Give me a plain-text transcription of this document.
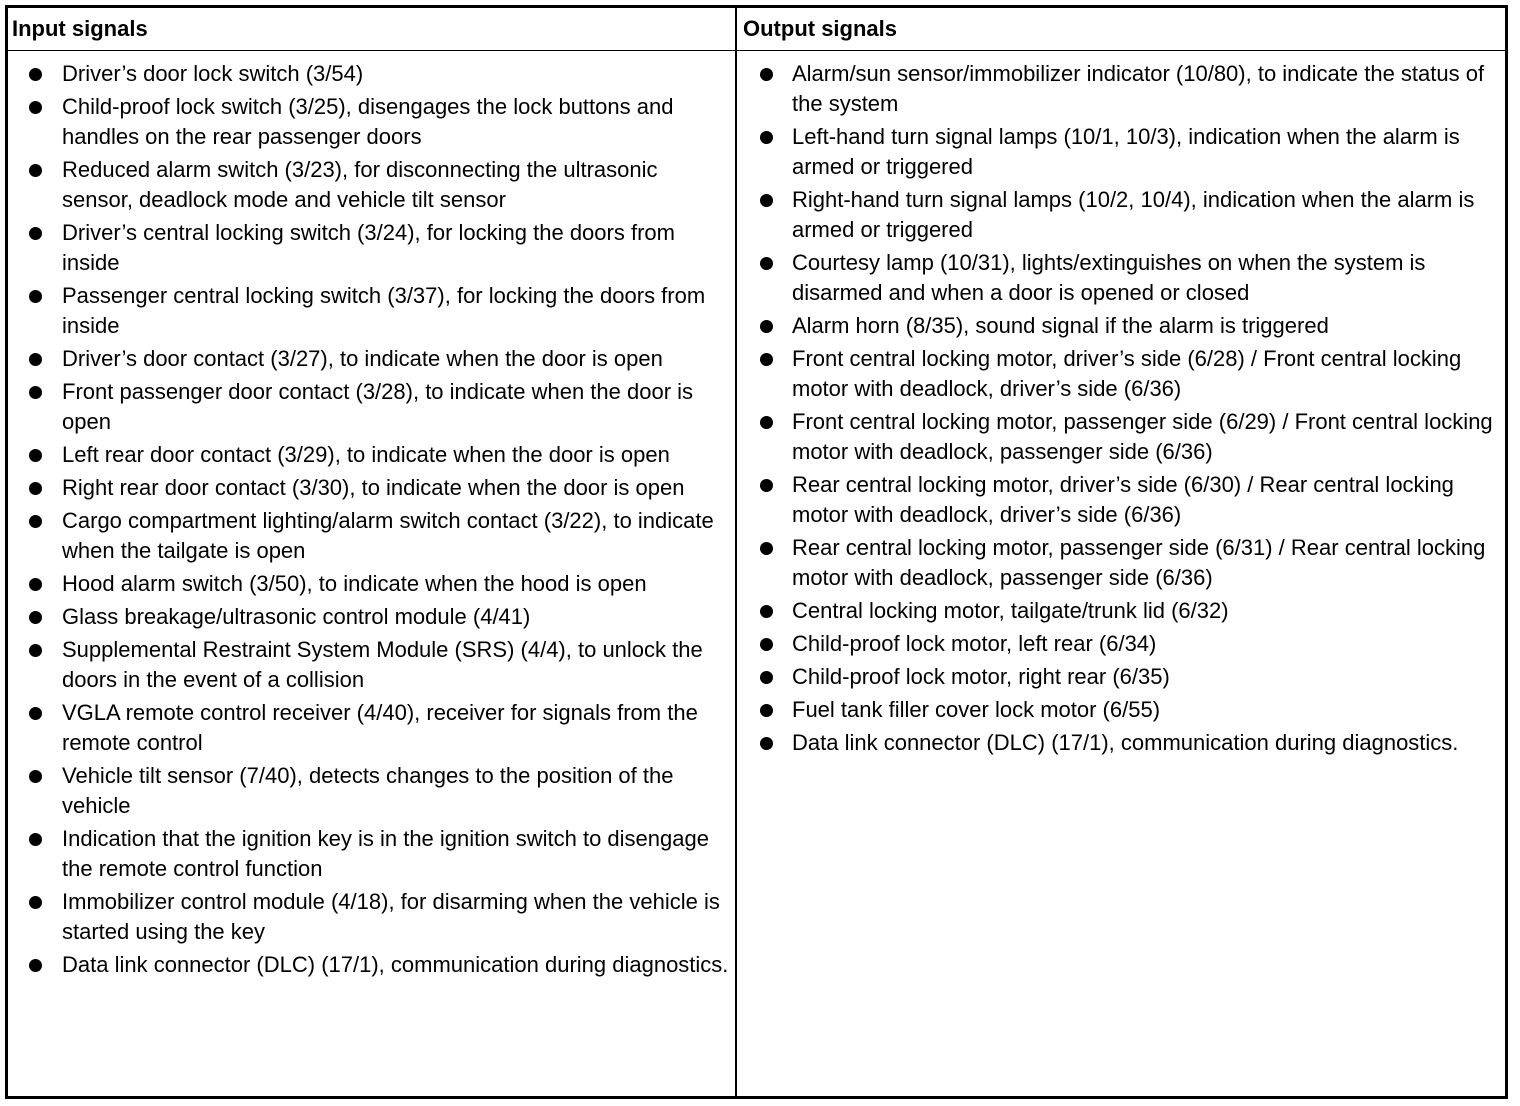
Input signals	Output signals
Driver’s door lock switch (3/54)
Child-proof lock switch (3/25), disengages the lock buttons and handles on the rear passenger doors
Reduced alarm switch (3/23), for disconnecting the ultrasonic sensor, deadlock mode and vehicle tilt sensor
Driver’s central locking switch (3/24), for locking the doors from inside
Passenger central locking switch (3/37), for locking the doors from inside
Driver’s door contact (3/27), to indicate when the door is open
Front passenger door contact (3/28), to indicate when the door is open
Left rear door contact (3/29), to indicate when the door is open
Right rear door contact (3/30), to indicate when the door is open
Cargo compartment lighting/alarm switch contact (3/22), to indicate when the tailgate is open
Hood alarm switch (3/50), to indicate when the hood is open
Glass breakage/ultrasonic control module (4/41)
Supplemental Restraint System Module (SRS) (4/4), to unlock the doors in the event of a collision
VGLA remote control receiver (4/40), receiver for signals from the remote control
Vehicle tilt sensor (7/40), detects changes to the position of the vehicle
Indication that the ignition key is in the ignition switch to disengage the remote control function
Immobilizer control module (4/18), for disarming when the vehicle is started using the key
Data link connector (DLC) (17/1), communication during diagnostics.
Alarm/sun sensor/immobilizer indicator (10/80), to indicate the status of the system
Left-hand turn signal lamps (10/1, 10/3), indication when the alarm is armed or triggered
Right-hand turn signal lamps (10/2, 10/4), indication when the alarm is armed or triggered
Courtesy lamp (10/31), lights/extinguishes on when the system is disarmed and when a door is opened or closed
Alarm horn (8/35), sound signal if the alarm is triggered
Front central locking motor, driver’s side (6/28) / Front central locking motor with deadlock, driver’s side (6/36)
Front central locking motor, passenger side (6/29) / Front central locking motor with deadlock, passenger side (6/36)
Rear central locking motor, driver’s side (6/30) / Rear central locking motor with deadlock, driver’s side (6/36)
Rear central locking motor, passenger side (6/31) / Rear central locking motor with deadlock, passenger side (6/36)
Central locking motor, tailgate/trunk lid (6/32)
Child-proof lock motor, left rear (6/34)
Child-proof lock motor, right rear (6/35)
Fuel tank filler cover lock motor (6/55)
Data link connector (DLC) (17/1), communication during diagnostics.
